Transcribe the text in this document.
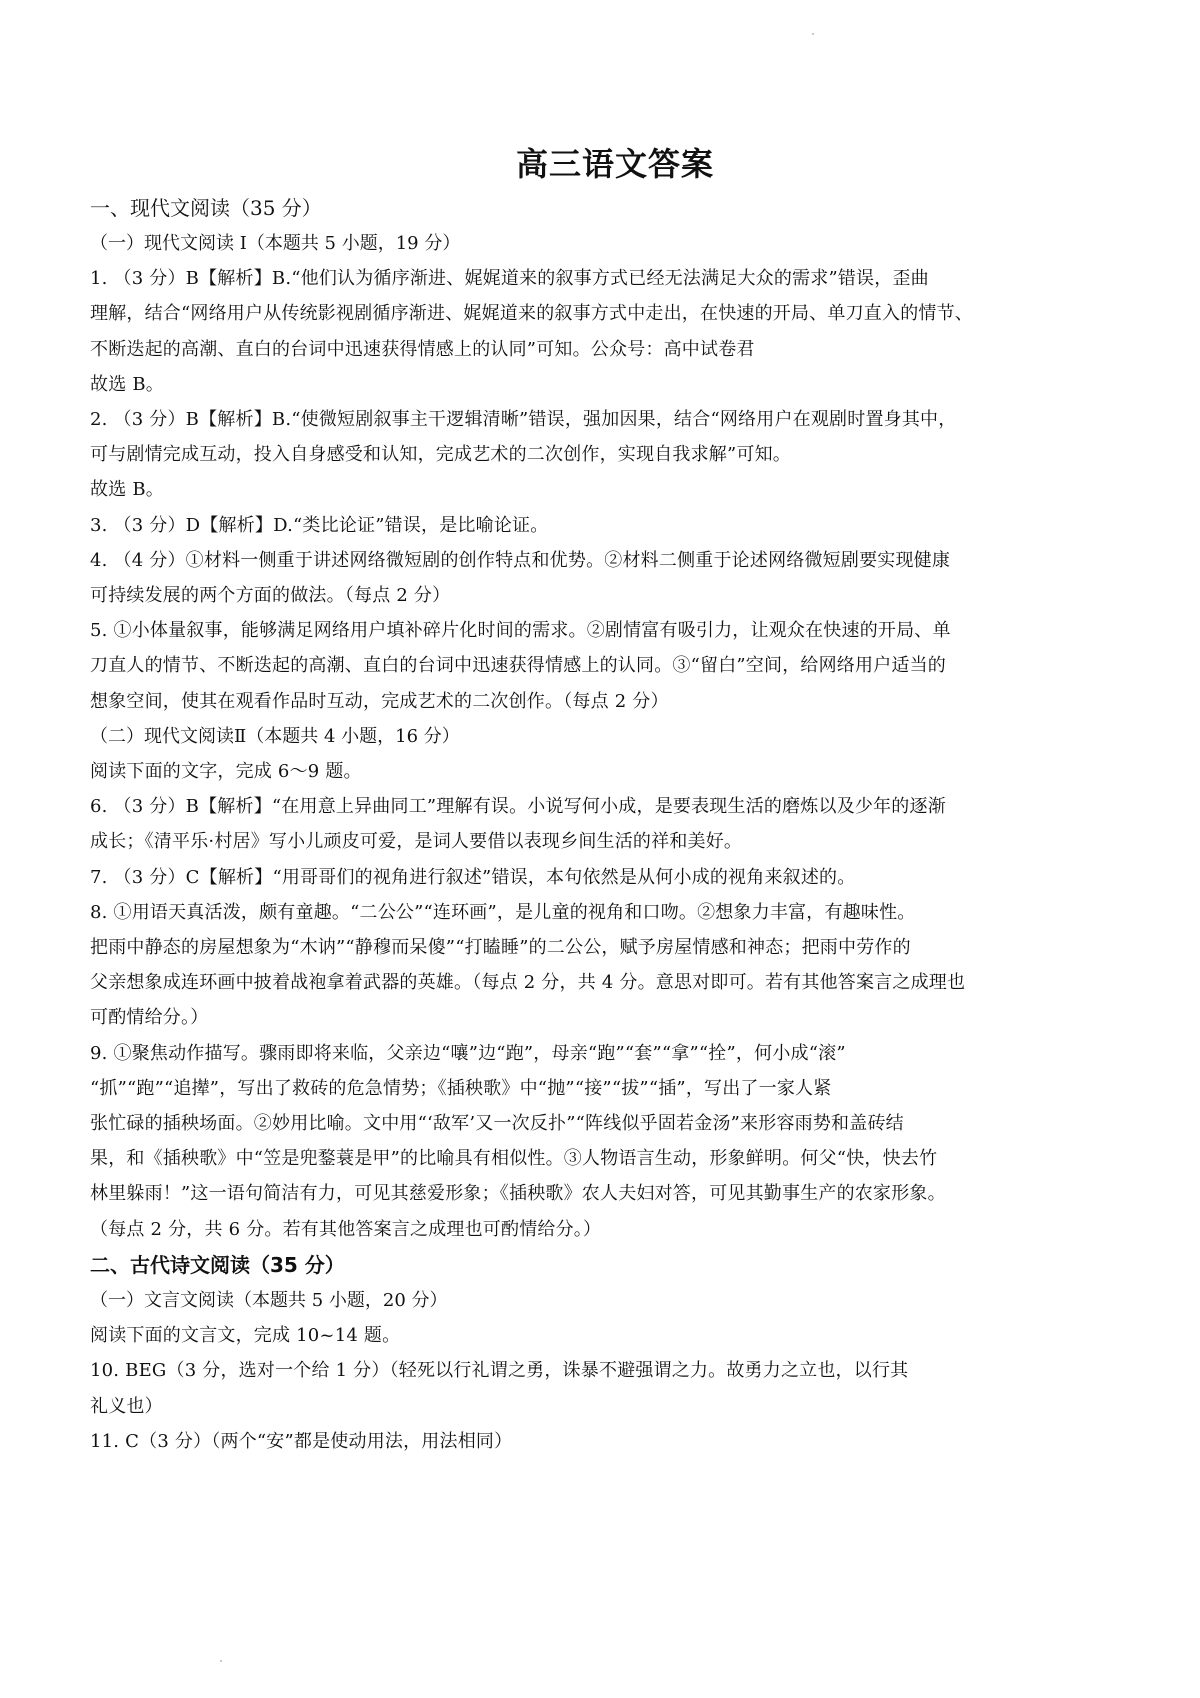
高三语文答案
一、现代文阅读（35 分）
（一）现代文阅读 I（本题共 5 小题，19 分）
1. （3 分）B【解析】B.“他们认为循序渐进、娓娓道来的叙事方式已经无法满足大众的需求”错误，歪曲
理解，结合“网络用户从传统影视剧循序渐进、娓娓道来的叙事方式中走出，在快速的开局、单刀直入的情节、
不断迭起的高潮、直白的台词中迅速获得情感上的认同”可知。公众号：高中试卷君
故选 B。
2. （3 分）B【解析】B.“使微短剧叙事主干逻辑清晰”错误，强加因果，结合“网络用户在观剧时置身其中，
可与剧情完成互动，投入自身感受和认知，完成艺术的二次创作，实现自我求解”可知。
故选 B。
3. （3 分）D【解析】D.“类比论证”错误，是比喻论证。
4. （4 分）①材料一侧重于讲述网络微短剧的创作特点和优势。②材料二侧重于论述网络微短剧要实现健康
可持续发展的两个方面的做法。（每点 2 分）
5. ①小体量叙事，能够满足网络用户填补碎片化时间的需求。②剧情富有吸引力，让观众在快速的开局、单
刀直人的情节、不断迭起的高潮、直白的台词中迅速获得情感上的认同。③“留白”空间，给网络用户适当的
想象空间，使其在观看作品时互动，完成艺术的二次创作。（每点 2 分）
（二）现代文阅读Ⅱ（本题共 4 小题，16 分）
阅读下面的文字，完成 6～9 题。
6. （3 分）B【解析】“在用意上异曲同工”理解有误。小说写何小成，是要表现生活的磨炼以及少年的逐渐
成长；《清平乐·村居》写小儿顽皮可爱，是词人要借以表现乡间生活的祥和美好。
7. （3 分）C【解析】“用哥哥们的视角进行叙述”错误，本句依然是从何小成的视角来叙述的。
8. ①用语天真活泼，颇有童趣。“二公公”“连环画”，是儿童的视角和口吻。②想象力丰富，有趣味性。
把雨中静态的房屋想象为“木讷”“静穆而呆傻”“打瞌睡”的二公公，赋予房屋情感和神态；把雨中劳作的
父亲想象成连环画中披着战袍拿着武器的英雄。（每点 2 分，共 4 分。意思对即可。若有其他答案言之成理也
可酌情给分。）
9. ①聚焦动作描写。骤雨即将来临，父亲边“嚷”边“跑”，母亲“跑”“套”“拿”“拴”，何小成“滚”
“抓”“跑”“追撵”，写出了救砖的危急情势；《插秧歌》中“抛”“接”“拔”“插”，写出了一家人紧
张忙碌的插秧场面。②妙用比喻。文中用“‘敌军’又一次反扑”“阵线似乎固若金汤”来形容雨势和盖砖结
果，和《插秧歌》中“笠是兜鍪蓑是甲”的比喻具有相似性。③人物语言生动，形象鲜明。何父“快，快去竹
林里躲雨！”这一语句简洁有力，可见其慈爱形象；《插秧歌》农人夫妇对答，可见其勤事生产的农家形象。
（每点 2 分，共 6 分。若有其他答案言之成理也可酌情给分。）
二、古代诗文阅读（35 分）
（一）文言文阅读（本题共 5 小题，20 分）
阅读下面的文言文，完成 10~14 题。
10. BEG（3 分，选对一个给 1 分）（轻死以行礼谓之勇，诛暴不避强谓之力。故勇力之立也，以行其
礼义也）
11. C（3 分）（两个“安”都是使动用法，用法相同）
